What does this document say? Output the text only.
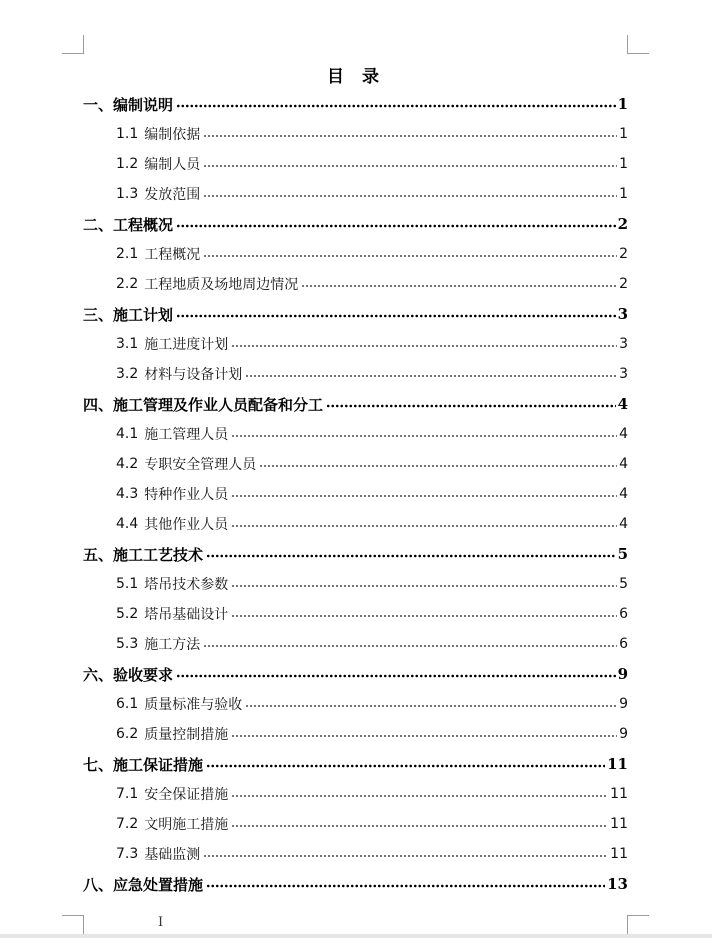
目 录
一、编制说明	1
1.1 编制依据	1
1.2 编制人员	1
1.3 发放范围	1
二、工程概况	2
2.1 工程概况	2
2.2 工程地质及场地周边情况	2
三、施工计划	3
3.1 施工进度计划	3
3.2 材料与设备计划	3
四、施工管理及作业人员配备和分工	4
4.1 施工管理人员	4
4.2 专职安全管理人员	4
4.3 特种作业人员	4
4.4 其他作业人员	4
五、施工工艺技术	5
5.1 塔吊技术参数	5
5.2 塔吊基础设计	6
5.3 施工方法	6
六、验收要求	9
6.1 质量标准与验收	9
6.2 质量控制措施	9
七、施工保证措施	11
7.1 安全保证措施	11
7.2 文明施工措施	11
7.3 基础监测	11
八、应急处置措施	13
I
